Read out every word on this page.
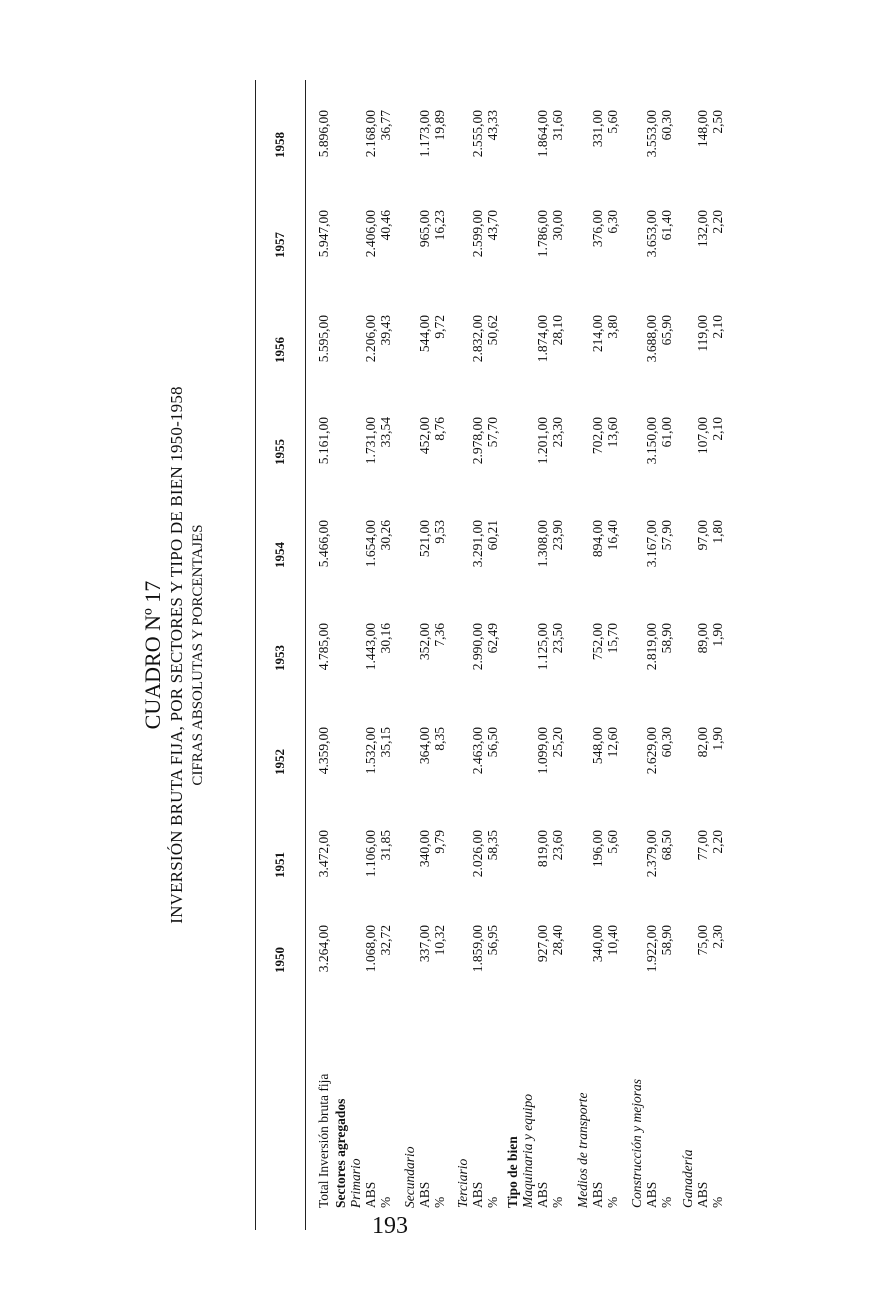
CUADRO Nº 17 INVERSIÓN BRUTA FIJA, POR SECTORES Y TIPO DE BIEN 1950-1958 CIFRAS ABSOLUTAS Y PORCENTAJES
1950
1951
1952
1953
1954
1955
1956
1957
1958
Total Inversión bruta fija
3.264,00
3.472,00
4.359,00
4.785,00
5.466,00
5.161,00
5.595,00
5.947,00
5.896,00
Sectores agregados Primario ABS
1.068,00
1.106,00
1.532,00
1.443,00
1.654,00
1.731,00
2.206,00
2.406,00
2.168,00
%
32,72
31,85
35,15
30,16
30,26
33,54
39,43
40,46
36,77
Secundario ABS
337,00
340,00
364,00
352,00
521,00
452,00
544,00
965,00
1.173,00
%
10,32
9,79
8,35
7,36
9,53
8,76
9,72
16,23
19,89
Terciario ABS
1.859,00
2.026,00
2.463,00
2.990,00
3.291,00
2.978,00
2.832,00
2.599,00
2.555,00
%
56,95
58,35
56,50
62,49
60,21
57,70
50,62
43,70
43,33
Tipo de bien Maquinaria y equipo ABS
927,00
819,00
1.099,00
1.125,00
1.308,00
1.201,00
1.874,00
1.786,00
1.864,00
%
28,40
23,60
25,20
23,50
23,90
23,30
28,10
30,00
31,60
Medios de transporte ABS
340,00
196,00
548,00
752,00
894,00
702,00
214,00
376,00
331,00
%
10,40
5,60
12,60
15,70
16,40
13,60
3,80
6,30
5,60
Construcción y mejoras ABS
1.922,00
2.379,00
2.629,00
2.819,00
3.167,00
3.150,00
3.688,00
3.653,00
3.553,00
%
58,90
68,50
60,30
58,90
57,90
61,00
65,90
61,40
60,30
Ganadería ABS
75,00
77,00
82,00
89,00
97,00
107,00
119,00
132,00
148,00
%
2,30
2,20
1,90
1,90
1,80
2,10
2,10
2,20
2,50
193
